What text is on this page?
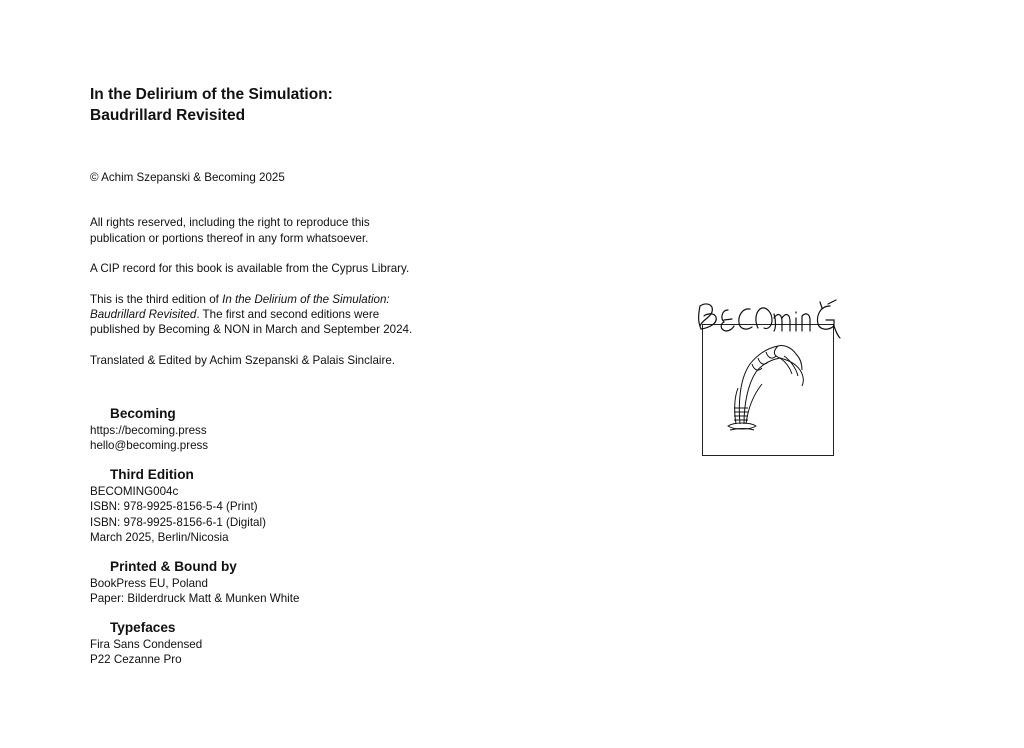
In the Delirium of the Simulation:

Baudrillard Revisited

© Achim Szepanski & Becoming 2025

All rights reserved, including the right to reproduce this

publication or portions thereof in any form whatsoever.

A CIP record for this book is available from the Cyprus Library.

This is the third edition of In the Delirium of the Simulation:

Baudrillard Revisited. The first and second editions were

published by Becoming & NON in March and September 2024.

Translated & Edited by Achim Szepanski & Palais Sinclaire.

Becoming

https://becoming.press

hello@becoming.press

Third Edition

BECOMING004c

ISBN: 978-9925-8156-5-4 (Print)

ISBN: 978-9925-8156-6-1 (Digital)

March 2025, Berlin/Nicosia

Printed & Bound by

BookPress EU, Poland

Paper: Bilderdruck Matt & Munken White

Typefaces

Fira Sans Condensed

P22 Cezanne Pro
